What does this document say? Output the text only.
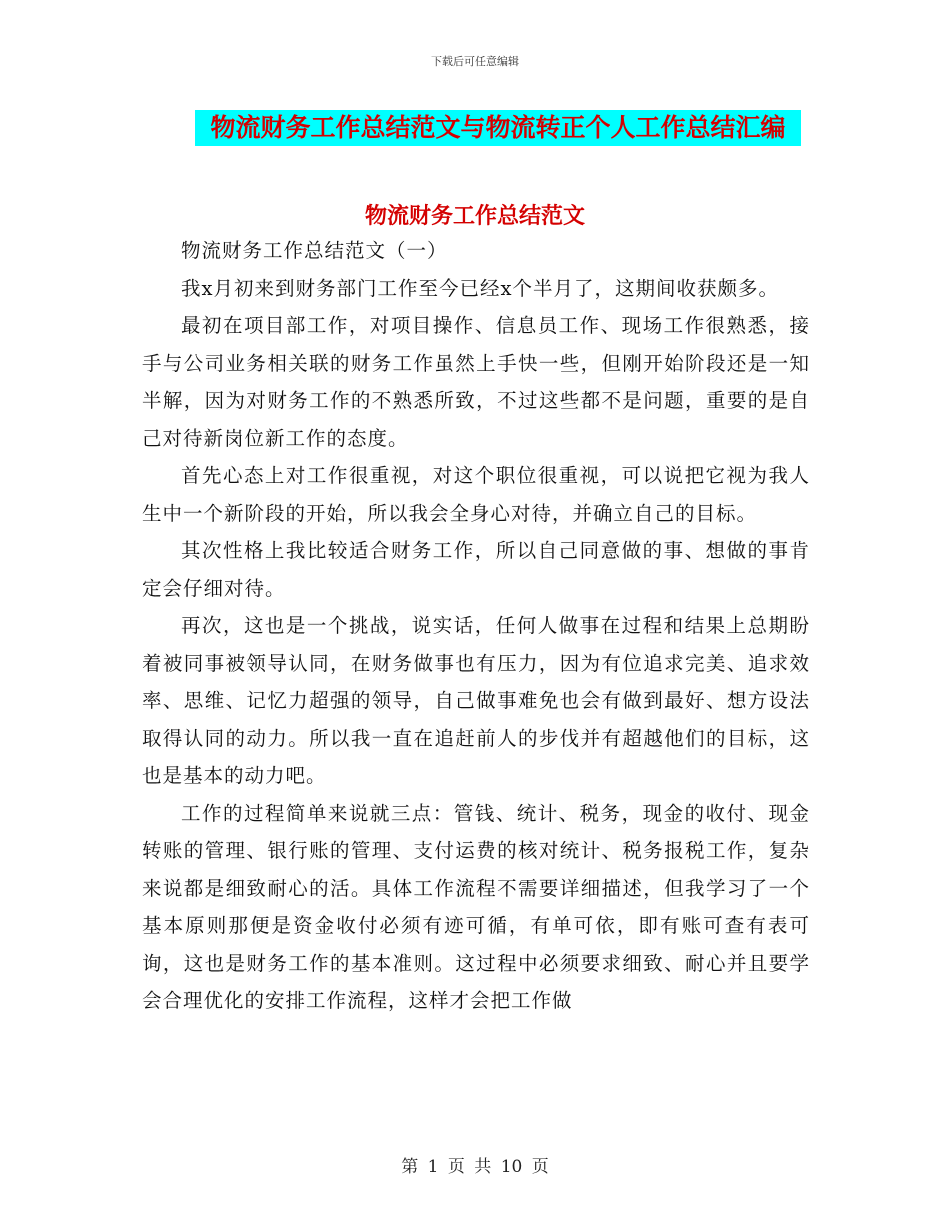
下载后可任意编辑
物流财务工作总结范文与物流转正个人工作总结汇编
物流财务工作总结范文

物流财务工作总结范文（一）

我x月初来到财务部门工作至今已经x个半月了，这期间收获颇多。

最初在项目部工作，对项目操作、信息员工作、现场工作很熟悉，接手与公司业务相关联的财务工作虽然上手快一些，但刚开始阶段还是一知半解，因为对财务工作的不熟悉所致，不过这些都不是问题，重要的是自己对待新岗位新工作的态度。

首先心态上对工作很重视，对这个职位很重视，可以说把它视为我人生中一个新阶段的开始，所以我会全身心对待，并确立自己的目标。

其次性格上我比较适合财务工作，所以自己同意做的事、想做的事肯定会仔细对待。

再次，这也是一个挑战，说实话，任何人做事在过程和结果上总期盼着被同事被领导认同，在财务做事也有压力，因为有位追求完美、追求效率、思维、记忆力超强的领导，自己做事难免也会有做到最好、想方设法取得认同的动力。所以我一直在追赶前人的步伐并有超越他们的目标，这也是基本的动力吧。

工作的过程简单来说就三点：管钱、统计、税务，现金的收付、现金转账的管理、银行账的管理、支付运费的核对统计、税务报税工作，复杂来说都是细致耐心的活。具体工作流程不需要详细描述，但我学习了一个基本原则那便是资金收付必须有迹可循，有单可依，即有账可查有表可询，这也是财务工作的基本准则。这过程中必须要求细致、耐心并且要学会合理优化的安排工作流程，这样才会把工作做

第 1 页 共 10 页
